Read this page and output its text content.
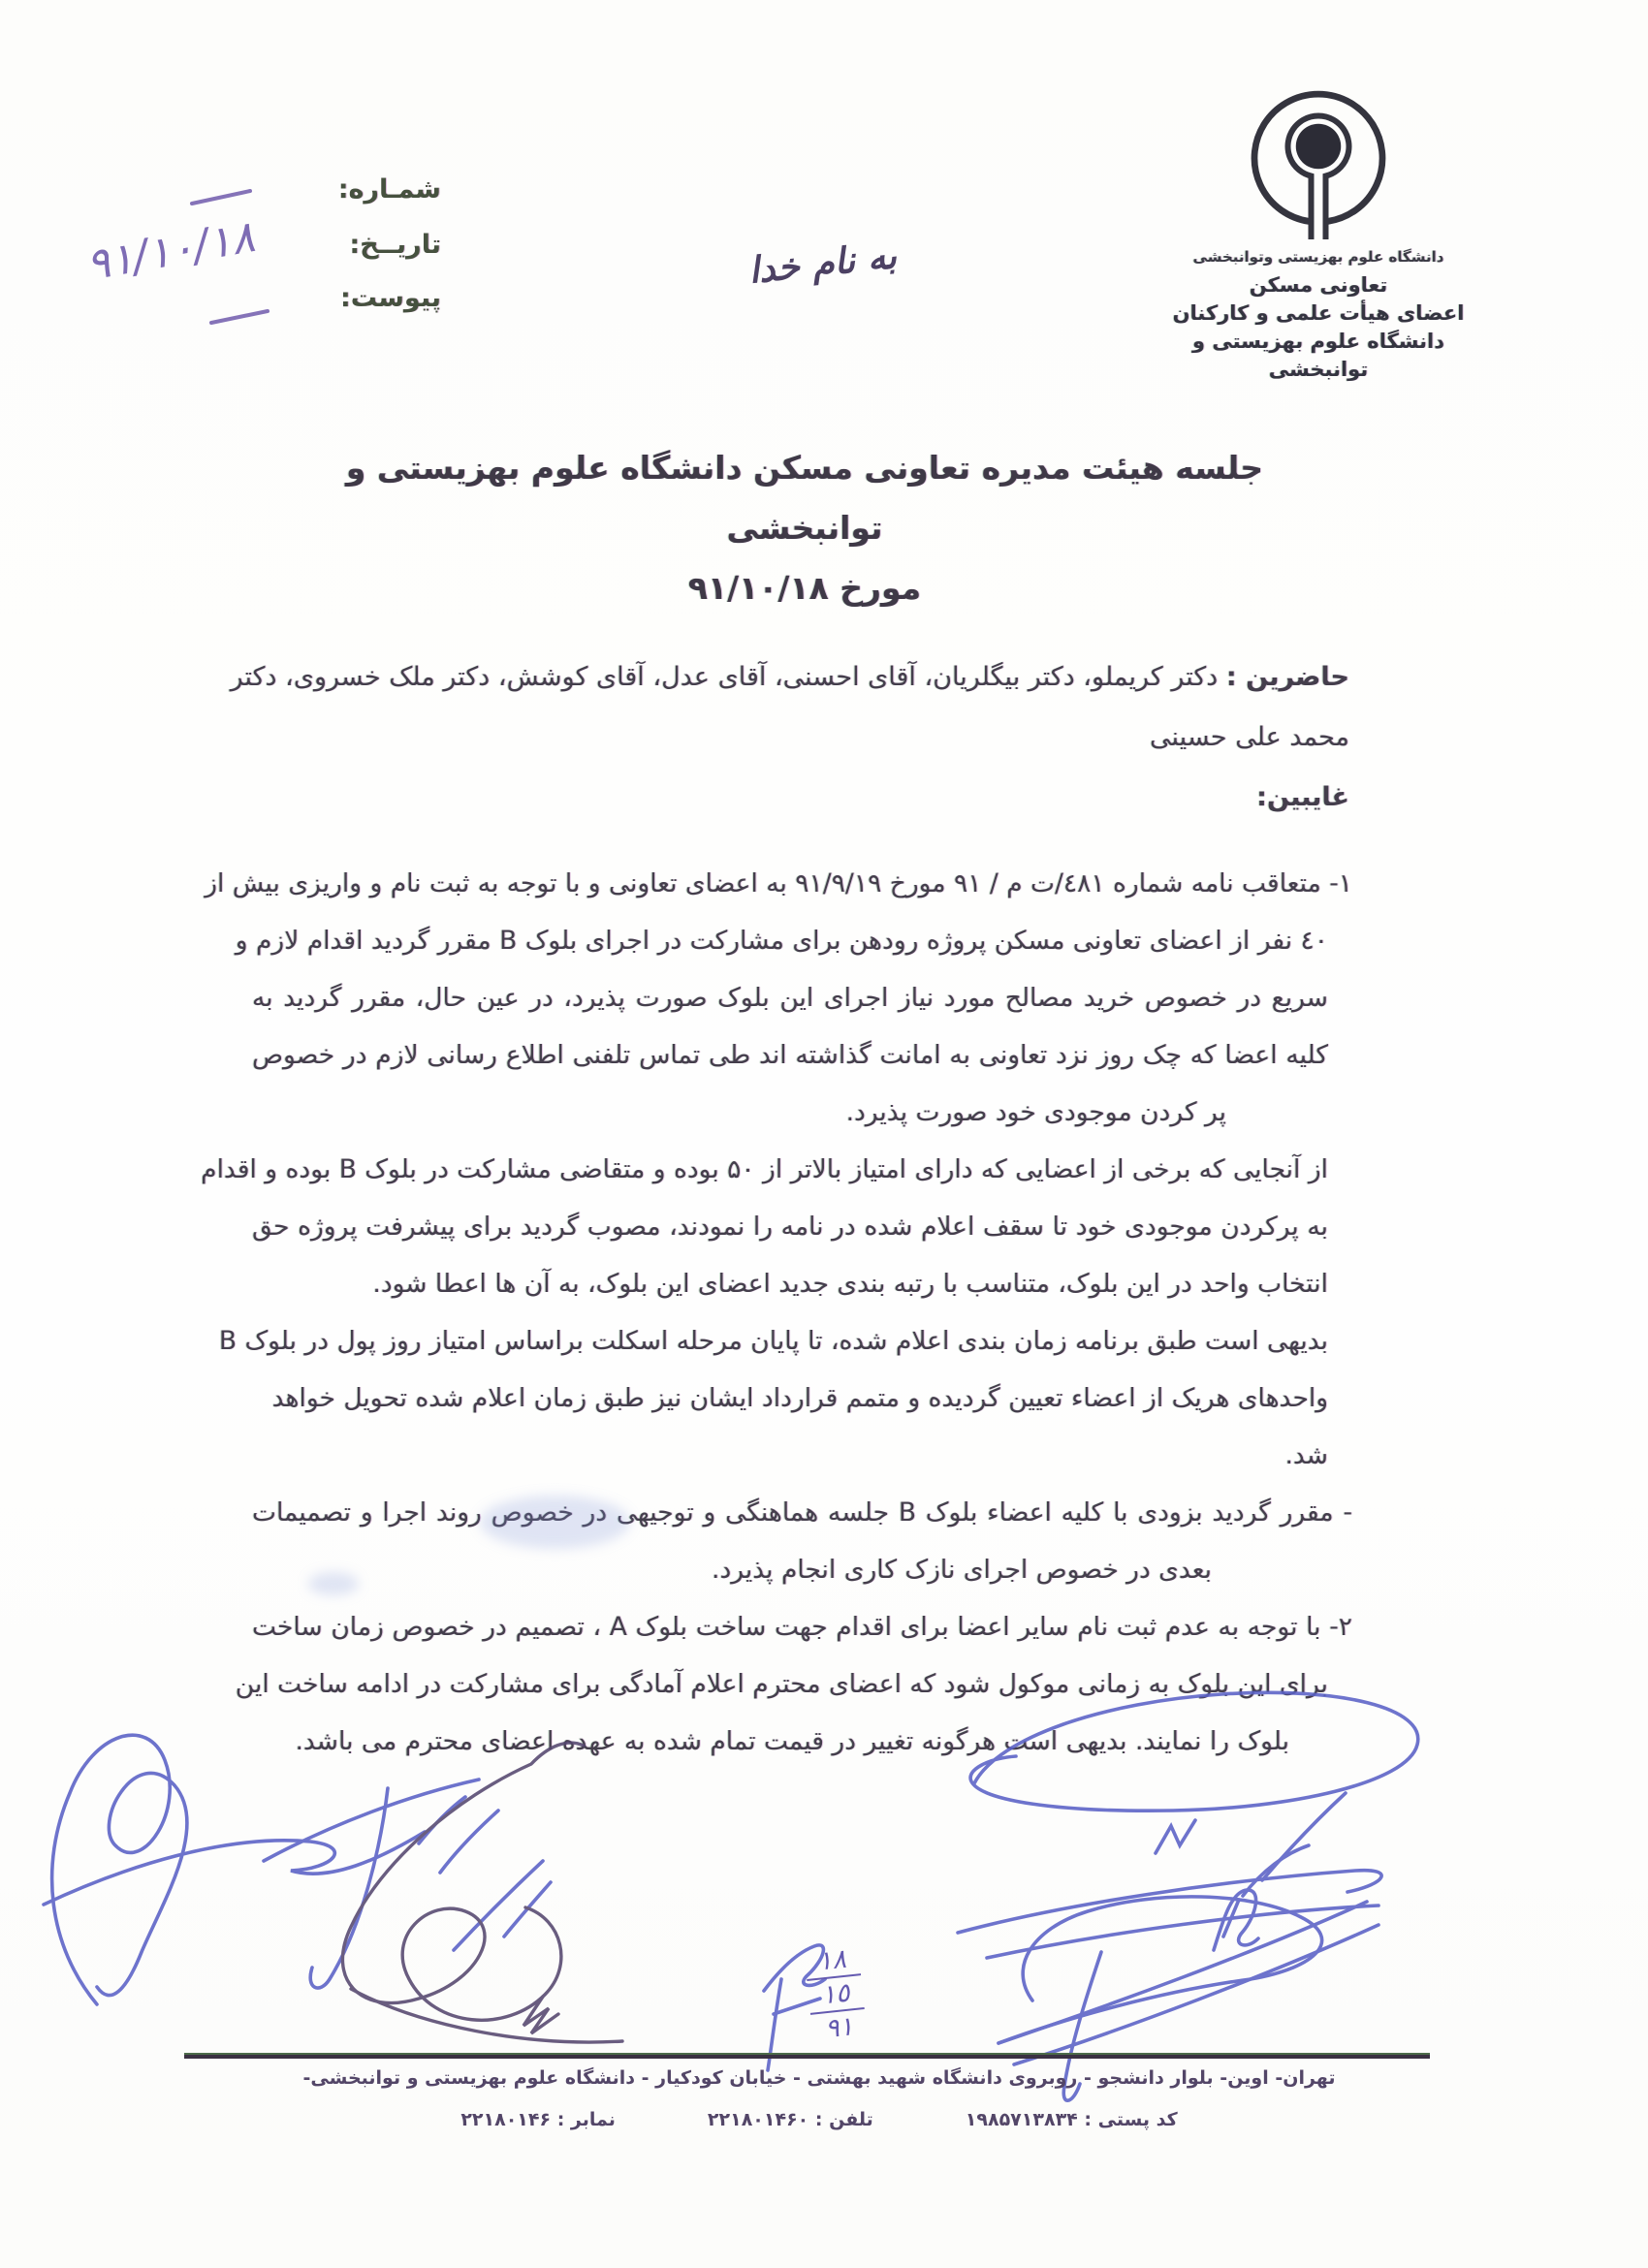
شمـاره:
تاریــخ:
پیوست:
۹۱/۱۰/۱۸	دانشگاه علوم بهزیستی وتوانبخشی
تعاونی مسکن
اعضای هیأت علمی و کارکنان
دانشگاه علوم بهزیستی و توانبخشی
به نام خدا
جلسه هیئت مدیره تعاونی مسکن دانشگاه علوم بهزیستی و توانبخشی
مورخ ۹۱/۱۰/۱۸
حاضرین : دکتر کریملو، دکتر بیگلریان، آقای احسنی، آقای عدل، آقای کوشش، دکتر ملک خسروی، دکتر
محمد علی حسینی
غایبین:
۱- متعاقب نامه شماره ٤٨١/ت م / ۹۱ مورخ ۹۱/۹/۱۹ به اعضای تعاونی و با توجه به ثبت نام و واریزی بیش از
٤٠ نفر از اعضای تعاونی مسکن پروژه رودهن برای مشارکت در اجرای بلوک B مقرر گردید اقدام لازم و
سریع در خصوص خرید مصالح مورد نیاز اجرای این بلوک صورت پذیرد، در عین حال، مقرر گردید به
کلیه اعضا که چک روز نزد تعاونی به امانت گذاشته اند طی تماس تلفنی اطلاع رسانی لازم در خصوص
پر کردن موجودی خود صورت پذیرد.
از آنجایی که برخی از اعضایی که دارای امتیاز بالاتر از ۵۰ بوده و متقاضی مشارکت در بلوک B بوده و اقدام
به پرکردن موجودی خود تا سقف اعلام شده در نامه را نمودند، مصوب گردید برای پیشرفت پروژه حق
انتخاب واحد در این بلوک، متناسب با رتبه بندی جدید اعضای این بلوک، به آن ها اعطا شود.
بدیهی است طبق برنامه زمان بندی اعلام شده، تا پایان مرحله اسکلت براساس امتیاز روز پول در بلوک B
واحدهای هریک از اعضاء تعیین گردیده و متمم قرارداد ایشان نیز طبق زمان اعلام شده تحویل خواهد شد.
- مقرر گردید بزودی با کلیه اعضاء بلوک B جلسه هماهنگی و توجیهی در خصوص روند اجرا و تصمیمات
بعدی در خصوص اجرای نازک کاری انجام پذیرد.
۲- با توجه به عدم ثبت نام سایر اعضا برای اقدام جهت ساخت بلوک A ، تصمیم در خصوص زمان ساخت
برای این بلوک به زمانی موکول شود که اعضای محترم اعلام آمادگی برای مشارکت در ادامه ساخت این
بلوک را نمایند. بدیهی است هرگونه تغییر در قیمت تمام شده به عهده اعضای محترم می باشد.
۱۸
۱٥
۹۱
تهران- اوین- بلوار دانشجو - روبروی دانشگاه شهید بهشتی - خیابان کودکیار - دانشگاه علوم بهزیستی و توانبخشی-
کد پستی : ۱۹۸۵۷۱۳۸۳۴
تلفن : ۲۲۱۸۰۱۴۶۰
نمابر : ۲۲۱۸۰۱۴۶
